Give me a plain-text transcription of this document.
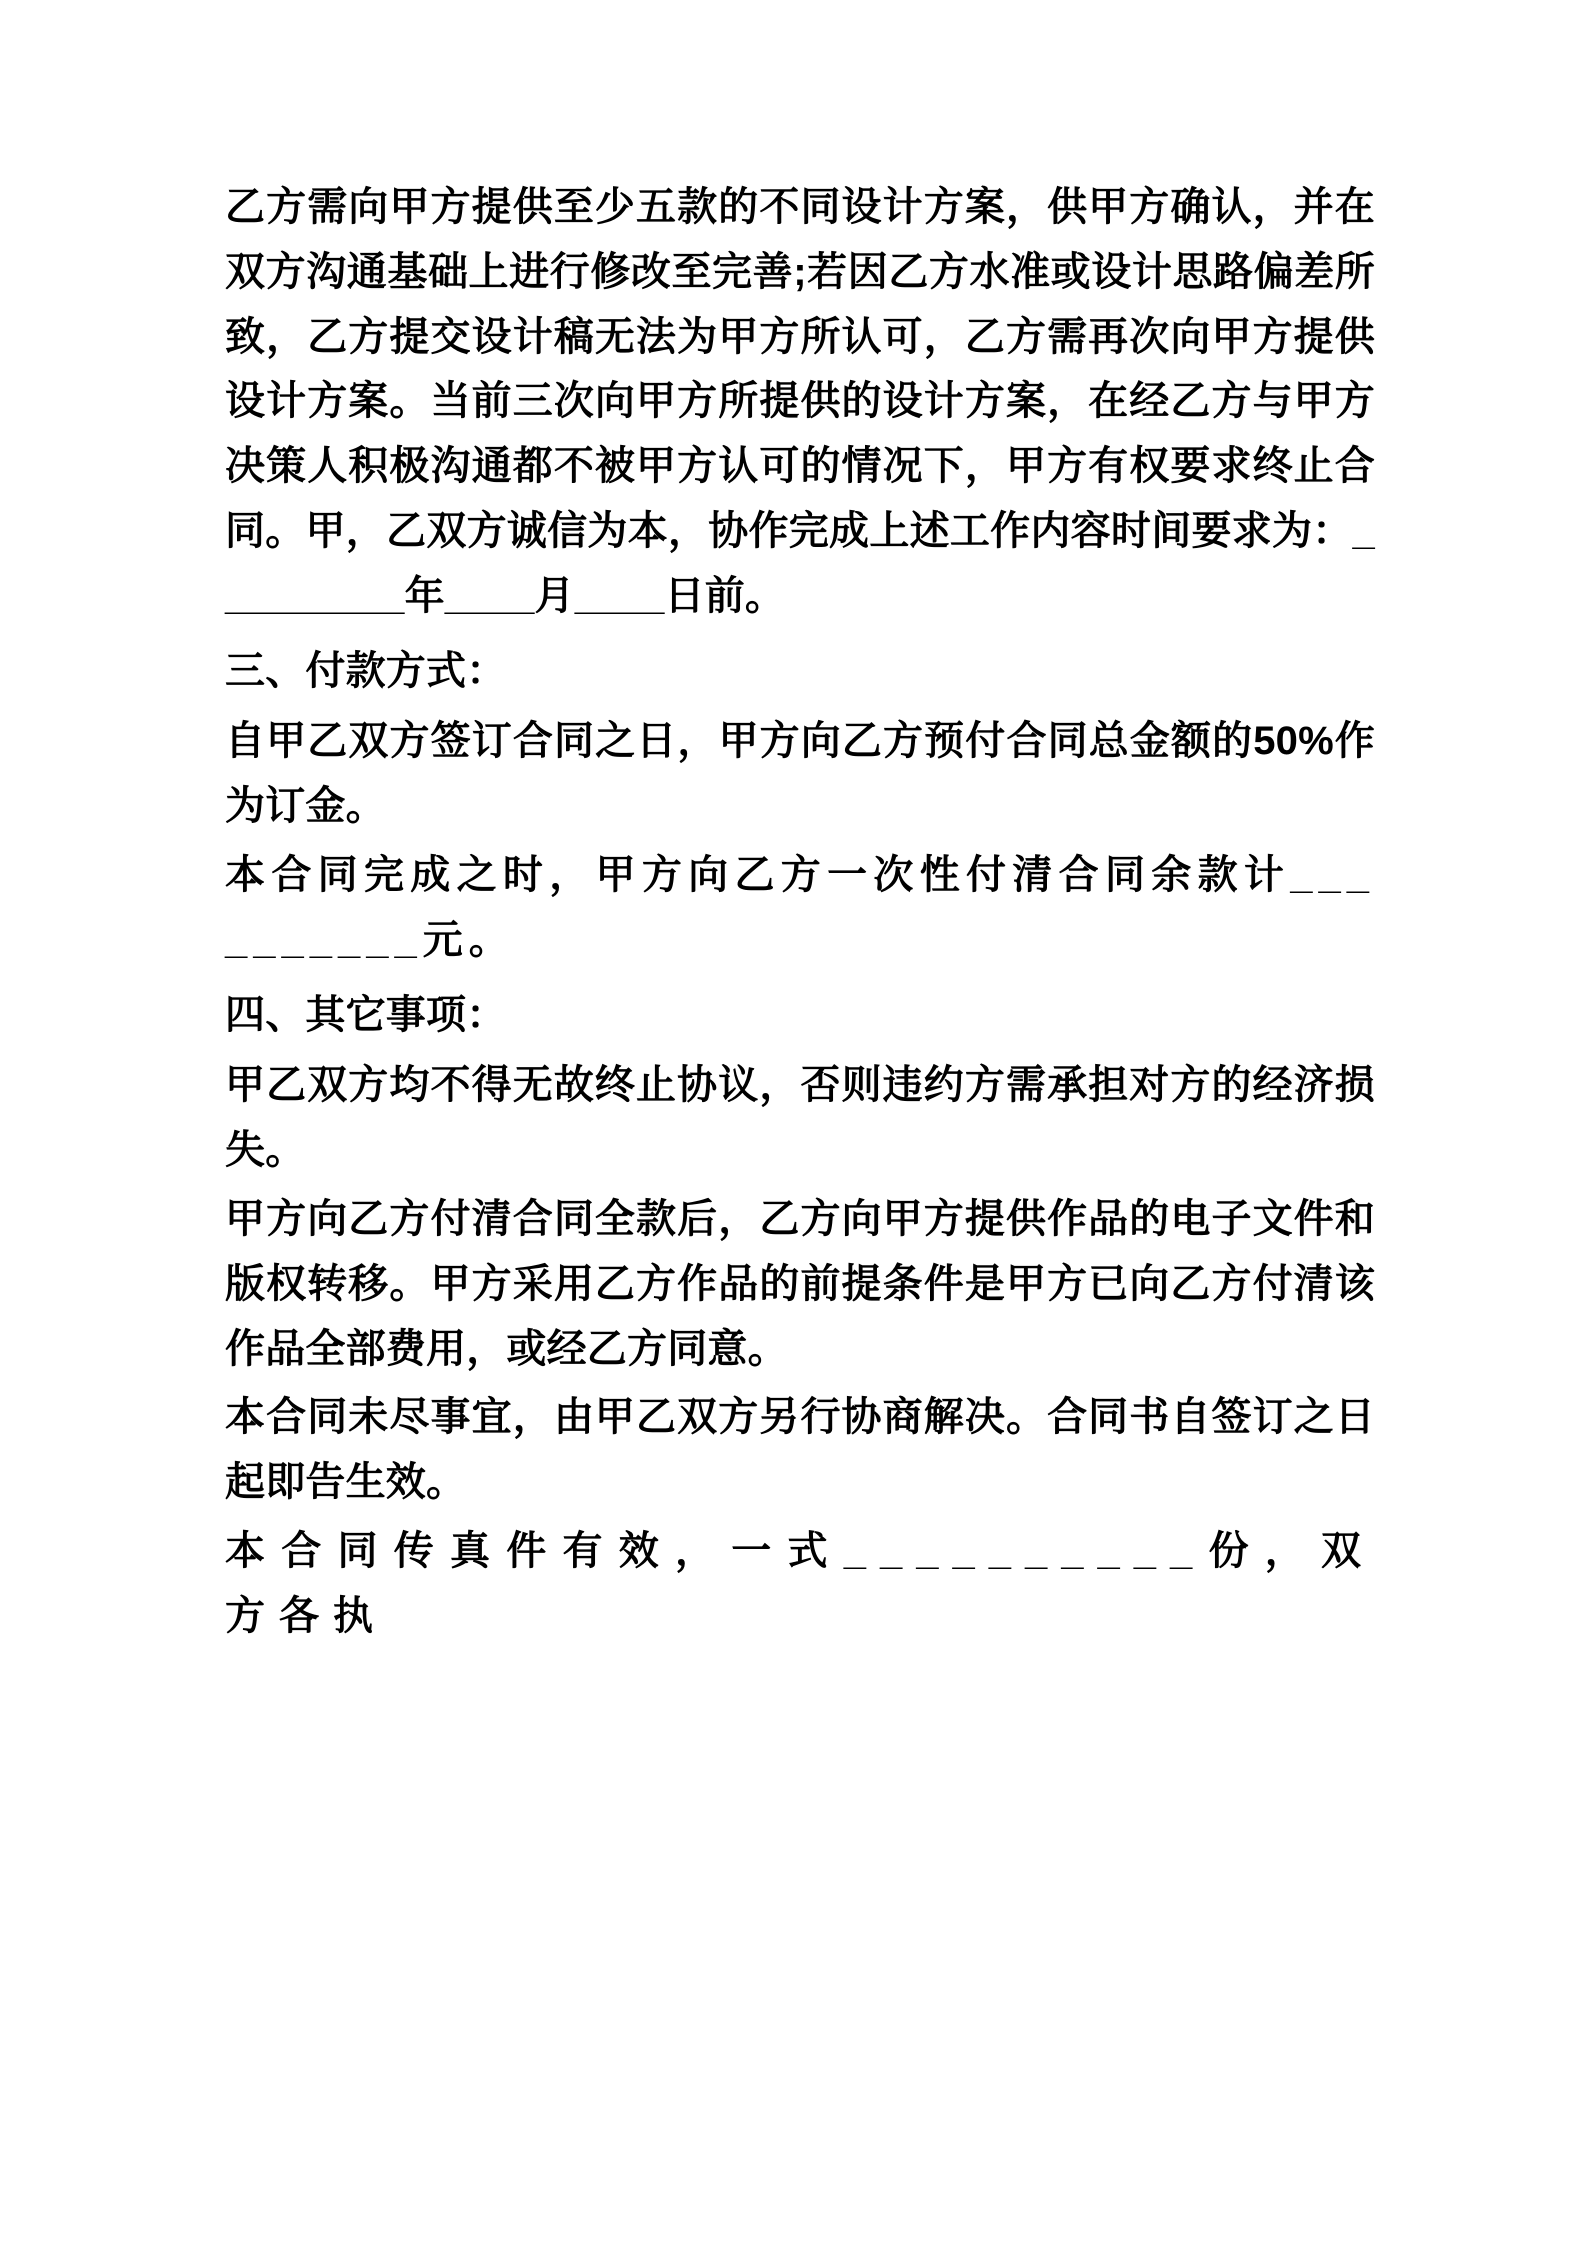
乙方需向甲方提供至少五款的不同设计方案，供甲方确认，并在双方沟通基础上进行修改至完善;若因乙方水准或设计思路偏差所致，乙方提交设计稿无法为甲方所认可，乙方需再次向甲方提供设计方案。当前三次向甲方所提供的设计方案，在经乙方与甲方决策人积极沟通都不被甲方认可的情况下，甲方有权要求终止合同。甲，乙双方诚信为本，协作完成上述工作内容时间要求为：_________年____月____日前。

三、付款方式：

自甲乙双方签订合同之日，甲方向乙方预付合同总金额的50%作为订金。

本合同完成之时，甲方向乙方一次性付清合同余款计__________元。

四、其它事项：

甲乙双方均不得无故终止协议，否则违约方需承担对方的经济损失。

甲方向乙方付清合同全款后，乙方向甲方提供作品的电子文件和版权转移。甲方采用乙方作品的前提条件是甲方已向乙方付清该作品全部费用，或经乙方同意。

本合同未尽事宜，由甲乙双方另行协商解决。合同书自签订之日起即告生效。

本合同传真件有效，一式__________份，双方各执
